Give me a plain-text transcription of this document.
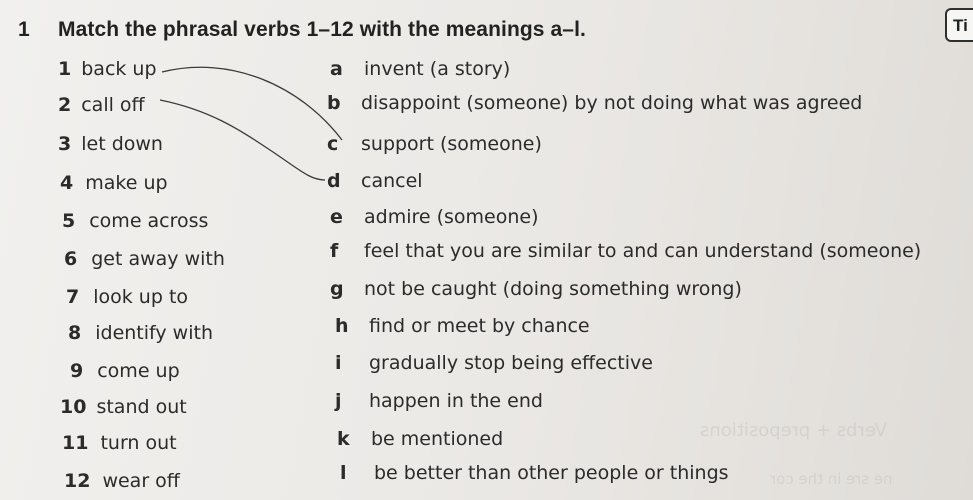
Verbs + prepositions
ne sre in the cor
1 Match the phrasal verbs 1–12 with the meanings a–l.	Ti
1 back up
2 call off
3 let down
4 make up
5 come across
6 get away with
7 look up to
8 identify with
9 come up
10 stand out
11 turn out
12 wear off
a invent (a story)
b disappoint (someone) by not doing what was agreed
c support (someone)
d cancel
e admire (someone)
f feel that you are similar to and can understand (someone)
g not be caught (doing something wrong)
h find or meet by chance
i gradually stop being effective
j happen in the end
k be mentioned
l be better than other people or things
